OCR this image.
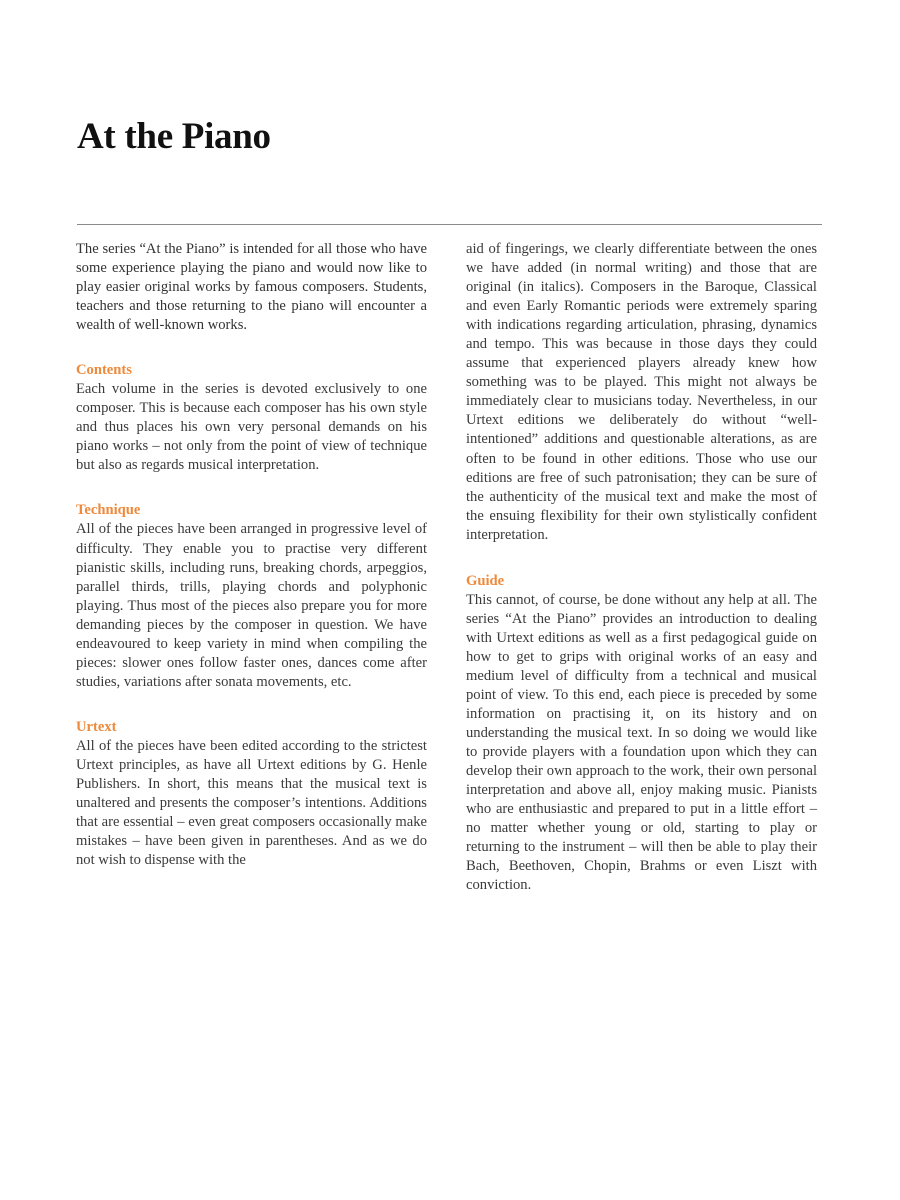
At the Piano

The series “At the Piano” is intended for all those who have some experience playing the piano and would now like to play easier original works by famous composers. Students, teachers and those returning to the piano will encounter a wealth of well-known works.

Contents

Each volume in the series is devoted exclusively to one composer. This is because each composer has his own style and thus places his own very personal demands on his piano works – not only from the point of view of technique but also as regards musical interpretation.

Technique

All of the pieces have been arranged in progressive level of difficulty. They enable you to practise very different pianistic skills, including runs, breaking chords, arpeggios, parallel thirds, trills, playing chords and polyphonic playing. Thus most of the pieces also prepare you for more demanding pieces by the composer in question. We have endeavoured to keep variety in mind when compiling the pieces: slower ones follow faster ones, dances come after studies, variations after sonata movements, etc.

Urtext

All of the pieces have been edited according to the strictest Urtext principles, as have all Urtext editions by G. Henle Publishers. In short, this means that the musical text is unaltered and presents the composer’s intentions. Additions that are essential – even great composers occasionally make mistakes – have been given in parentheses. And as we do not wish to dispense with the

aid of fingerings, we clearly differentiate between the ones we have added (in normal writing) and those that are original (in italics). Composers in the Baroque, Classical and even Early Romantic periods were extremely sparing with indications regarding articulation, phrasing, dynamics and tempo. This was because in those days they could assume that experienced players already knew how something was to be played. This might not always be immediately clear to musicians today. Nevertheless, in our Urtext editions we deliberately do without “well-intentioned” additions and questionable alterations, as are often to be found in other editions. Those who use our editions are free of such patronisation; they can be sure of the authenticity of the musical text and make the most of the ensuing flexibility for their own stylistically confident interpretation.

Guide

This cannot, of course, be done without any help at all. The series “At the Piano” provides an introduction to dealing with Urtext editions as well as a first pedagogical guide on how to get to grips with original works of an easy and medium level of difficulty from a technical and musical point of view. To this end, each piece is preceded by some information on practising it, on its history and on understanding the musical text. In so doing we would like to provide players with a foundation upon which they can develop their own approach to the work, their own personal interpretation and above all, enjoy making music. Pianists who are enthusiastic and prepared to put in a little effort – no matter whether young or old, starting to play or returning to the instrument – will then be able to play their Bach, Beethoven, Chopin, Brahms or even Liszt with conviction.
